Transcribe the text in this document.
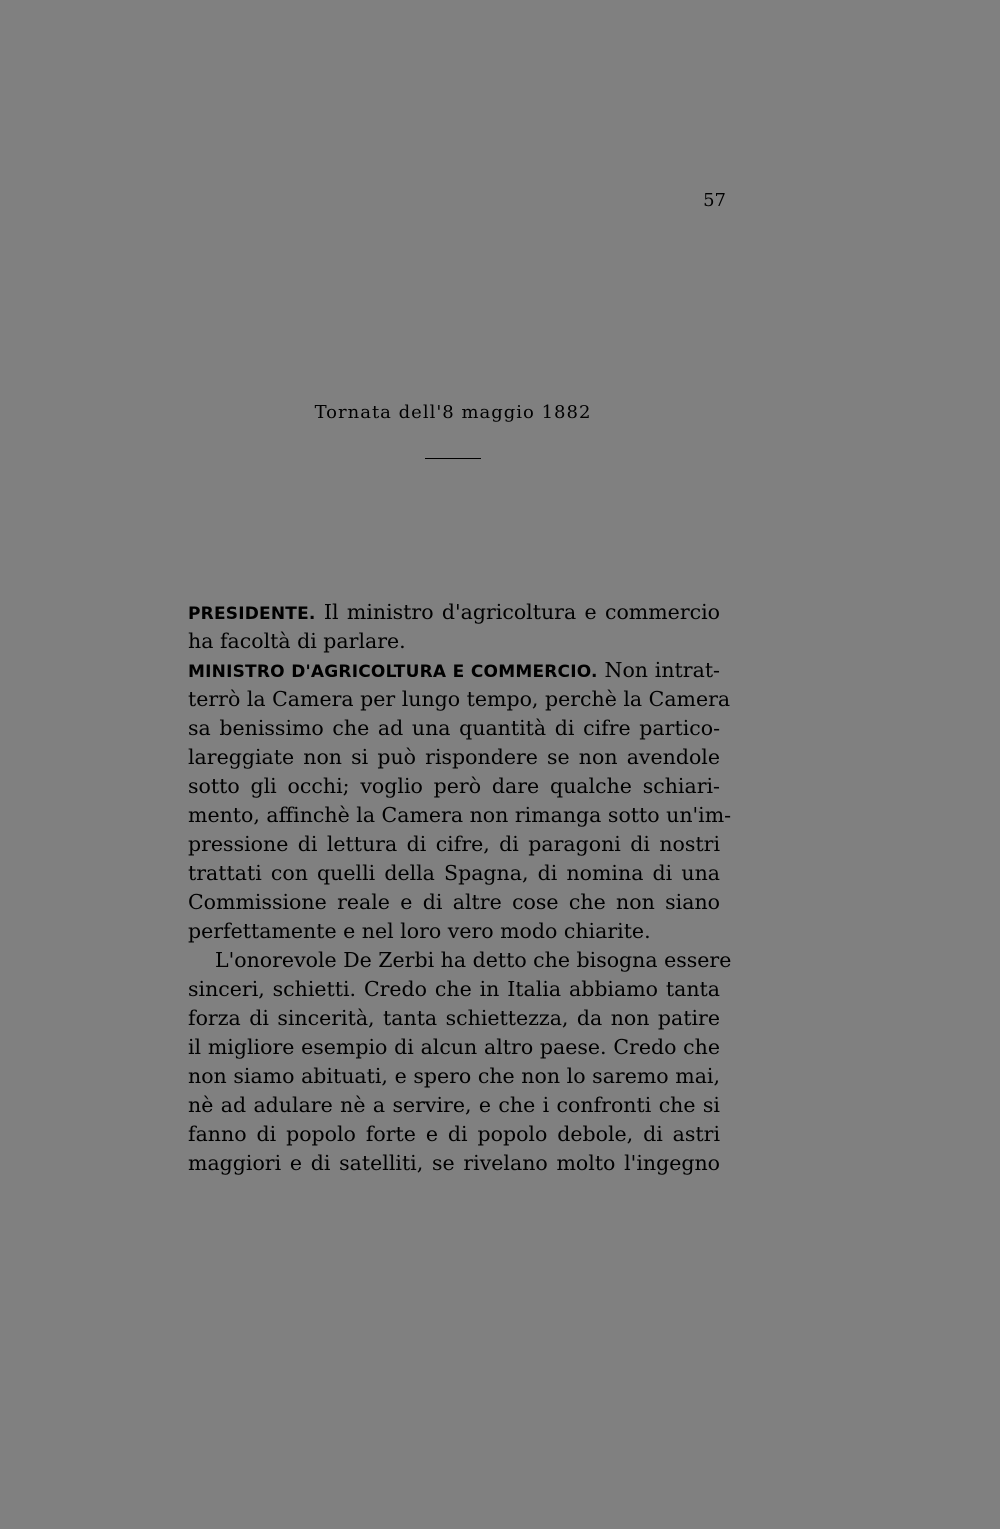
57
Tornata dell'8 maggio 1882
PRESIDENTE. Il ministro d'agricoltura e commercio
ha facoltà di parlare.
MINISTRO D'AGRICOLTURA E COMMERCIO. Non intrat-
terrò la Camera per lungo tempo, perchè la Camera
sa benissimo che ad una quantità di cifre partico-
lareggiate non si può rispondere se non avendole
sotto gli occhi; voglio però dare qualche schiari-
mento, affinchè la Camera non rimanga sotto un'im-
pressione di lettura di cifre, di paragoni di nostri
trattati con quelli della Spagna, di nomina di una
Commissione reale e di altre cose che non siano
perfettamente e nel loro vero modo chiarite.
L'onorevole De Zerbi ha detto che bisogna essere
sinceri, schietti. Credo che in Italia abbiamo tanta
forza di sincerità, tanta schiettezza, da non patire
il migliore esempio di alcun altro paese. Credo che
non siamo abituati, e spero che non lo saremo mai,
nè ad adulare nè a servire, e che i confronti che si
fanno di popolo forte e di popolo debole, di astri
maggiori e di satelliti, se rivelano molto l'ingegno
